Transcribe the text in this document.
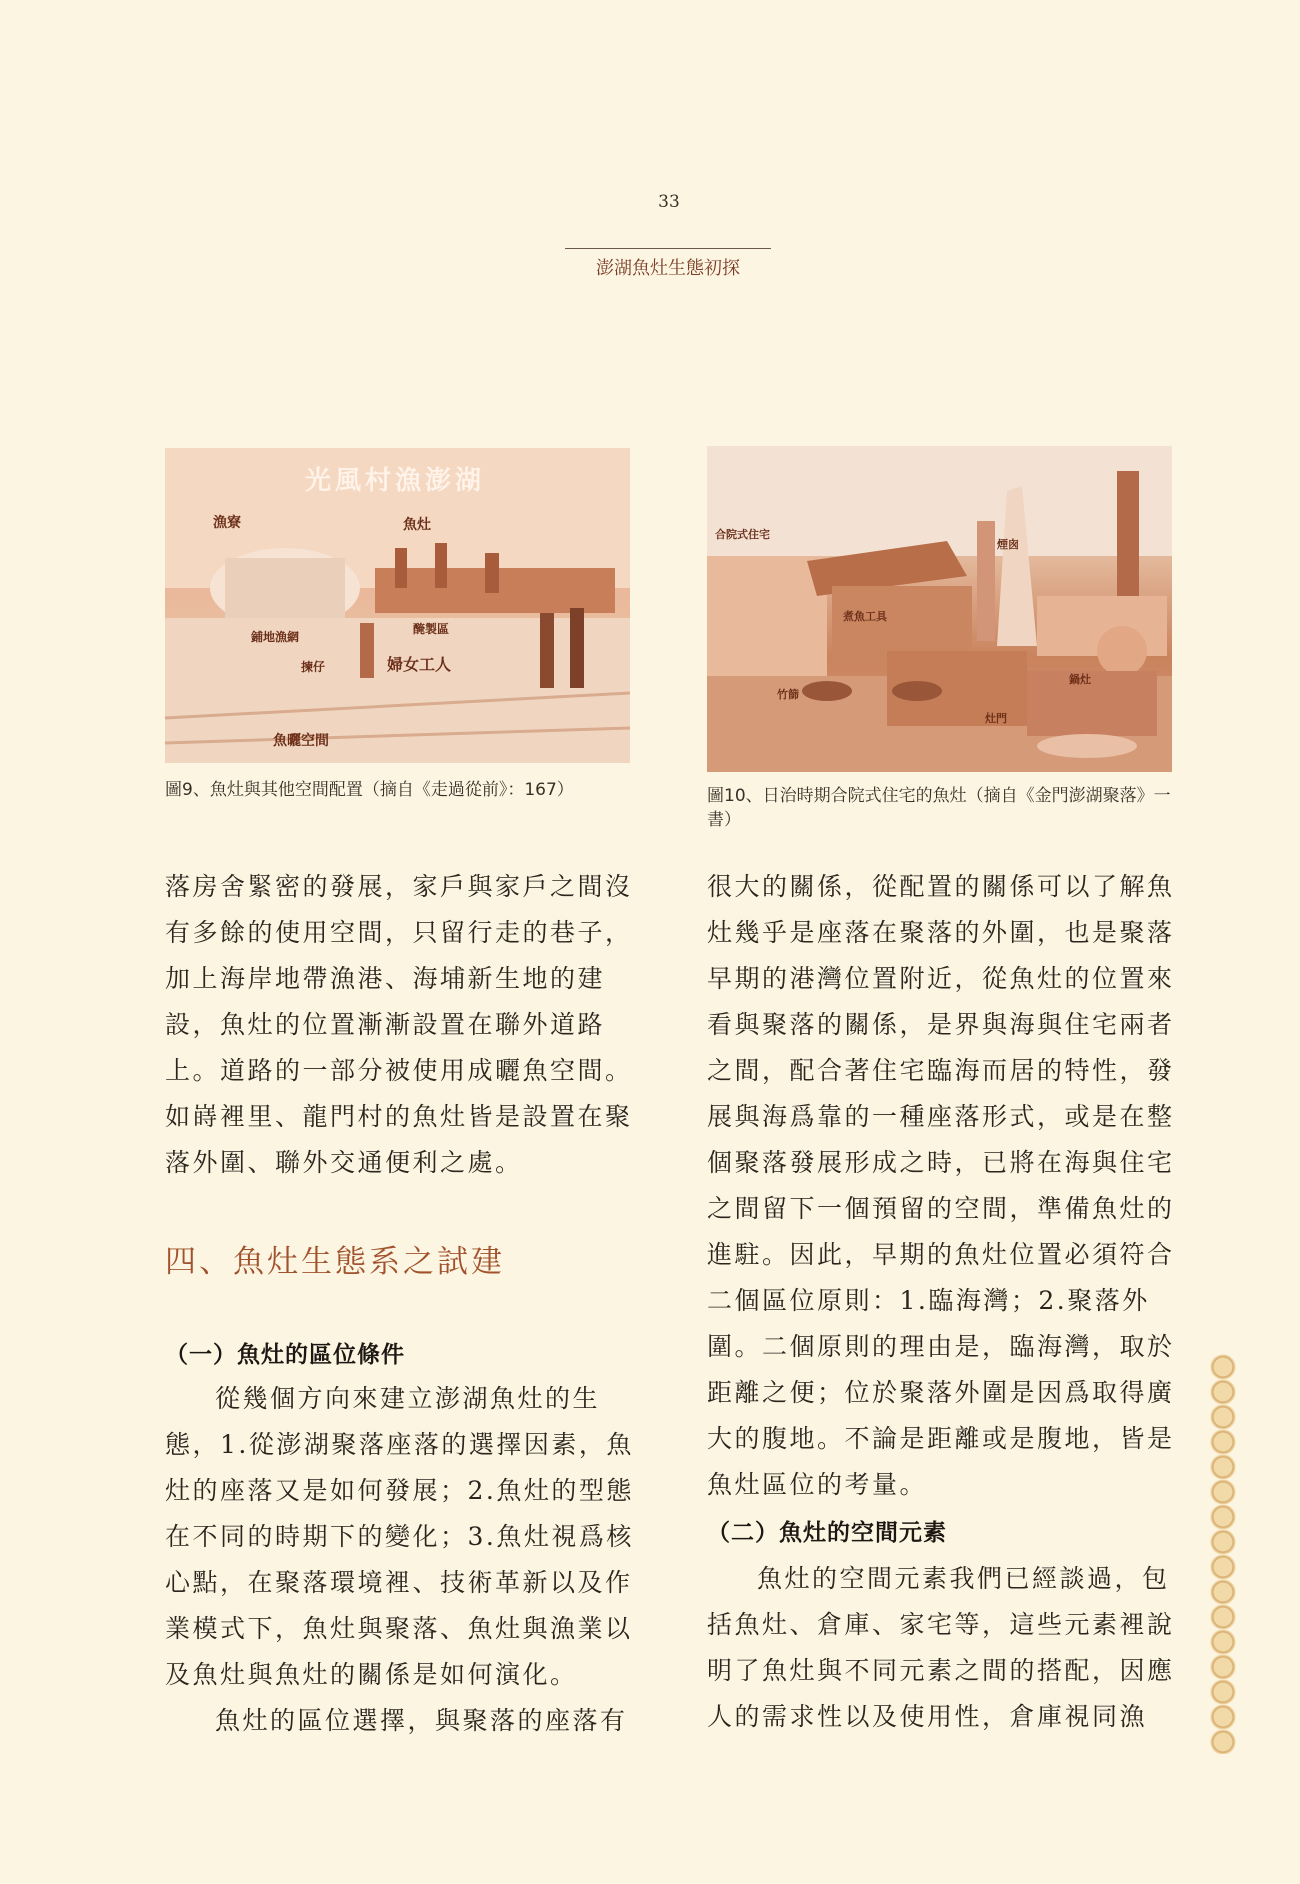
33
澎湖魚灶生態初探
光風村漁澎湖
漁寮	魚灶
醃製區
鋪地漁網
揀仔	婦女工人
魚曬空間
圖9、魚灶與其他空間配置（摘自《走過從前》：167）
合院式住宅
煙囪
煮魚工具
鍋灶
竹篩
灶門
圖10、日治時期合院式住宅的魚灶（摘自《金門澎湖聚落》一書）

落房舍緊密的發展，家戶與家戶之間沒有多餘的使用空間，只留行走的巷子，加上海岸地帶漁港、海埔新生地的建設，魚灶的位置漸漸設置在聯外道路上。道路的一部分被使用成曬魚空間。如嵵裡里、龍門村的魚灶皆是設置在聚落外圍、聯外交通便利之處。

四、魚灶生態系之試建
（一）魚灶的區位條件

從幾個方向來建立澎湖魚灶的生態，1.從澎湖聚落座落的選擇因素，魚灶的座落又是如何發展；2.魚灶的型態在不同的時期下的變化；3.魚灶視爲核心點，在聚落環境裡、技術革新以及作業模式下，魚灶與聚落、魚灶與漁業以及魚灶與魚灶的關係是如何演化。

魚灶的區位選擇，與聚落的座落有

很大的關係，從配置的關係可以了解魚灶幾乎是座落在聚落的外圍，也是聚落早期的港灣位置附近，從魚灶的位置來看與聚落的關係，是界與海與住宅兩者之間，配合著住宅臨海而居的特性，發展與海爲靠的一種座落形式，或是在整個聚落發展形成之時，已將在海與住宅之間留下一個預留的空間，準備魚灶的進駐。因此，早期的魚灶位置必須符合二個區位原則：1.臨海灣；2.聚落外圍。二個原則的理由是，臨海灣，取於距離之便；位於聚落外圍是因爲取得廣大的腹地。不論是距離或是腹地，皆是魚灶區位的考量。

（二）魚灶的空間元素

魚灶的空間元素我們已經談過，包括魚灶、倉庫、家宅等，這些元素裡說明了魚灶與不同元素之間的搭配，因應人的需求性以及使用性，倉庫視同漁
